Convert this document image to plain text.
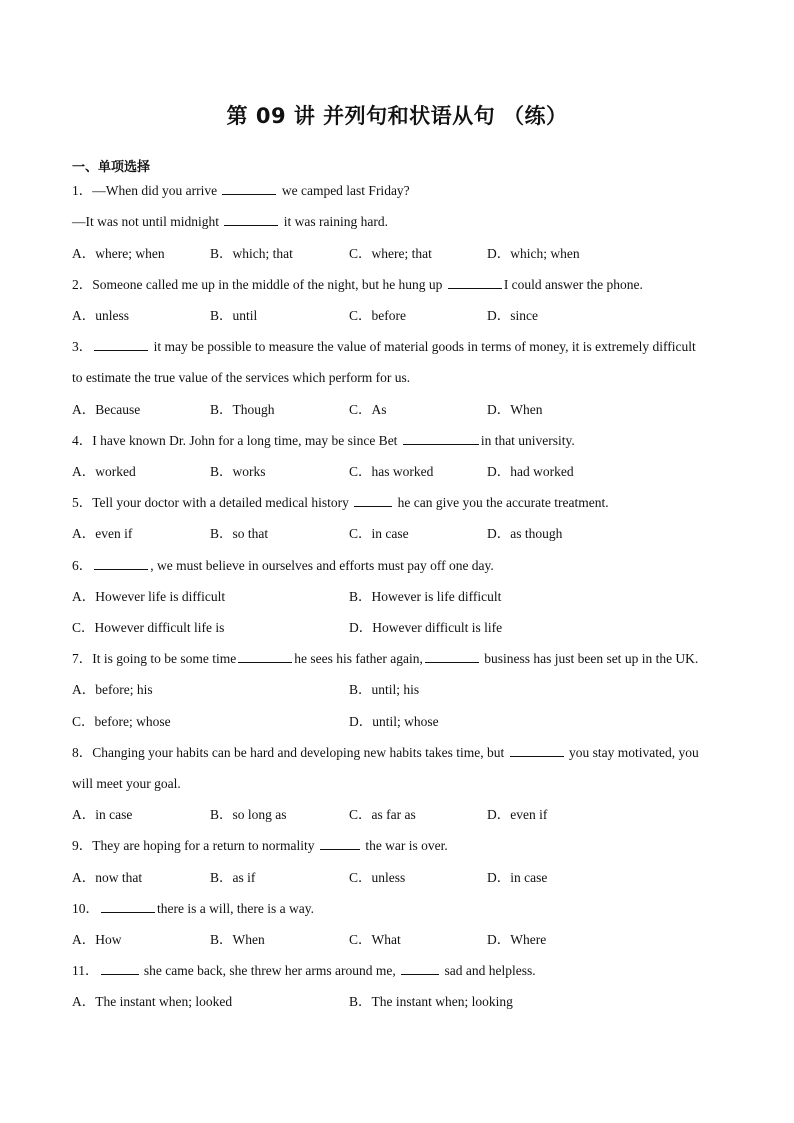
第 09 讲 并列句和状语从句 （练）
一、单项选择
1．—When did you arrive	we camped last Friday?
—It was not until midnight	it was raining hard.
A．where; when	B．which; that	C．where; that	D．which; when
2．Someone called me up in the middle of the night, but he hung up	I could answer the phone.
A．unless	B．until	C．before	D．since
3．	it may be possible to measure the value of material goods in terms of money, it is extremely difficult
to estimate the true value of the services which perform for us.
A．Because	B．Though	C．As	D．When
4．I have known Dr. John for a long time, may be since Bet	in that university.
A．worked	B．works	C．has worked	D．had worked
5．Tell your doctor with a detailed medical history	he can give you the accurate treatment.
A．even if	B．so that	C．in case	D．as though
6．	, we must believe in ourselves and efforts must pay off one day.
A．However life is difficult	B．However is life difficult
C．However difficult life is	D．However difficult is life
7．It is going to be some time	he sees his father again,	business has just been set up in the UK.
A．before; his	B．until; his
C．before; whose	D．until; whose
8．Changing your habits can be hard and developing new habits takes time, but	you stay motivated, you
will meet your goal.
A．in case	B．so long as	C．as far as	D．even if
9．They are hoping for a return to normality	the war is over.
A．now that	B．as if	C．unless	D．in case
10．	there is a will, there is a way.
A．How	B．When	C．What	D．Where
11．	she came back, she threw her arms around me,	sad and helpless.
A．The instant when; looked	B．The instant when; looking
